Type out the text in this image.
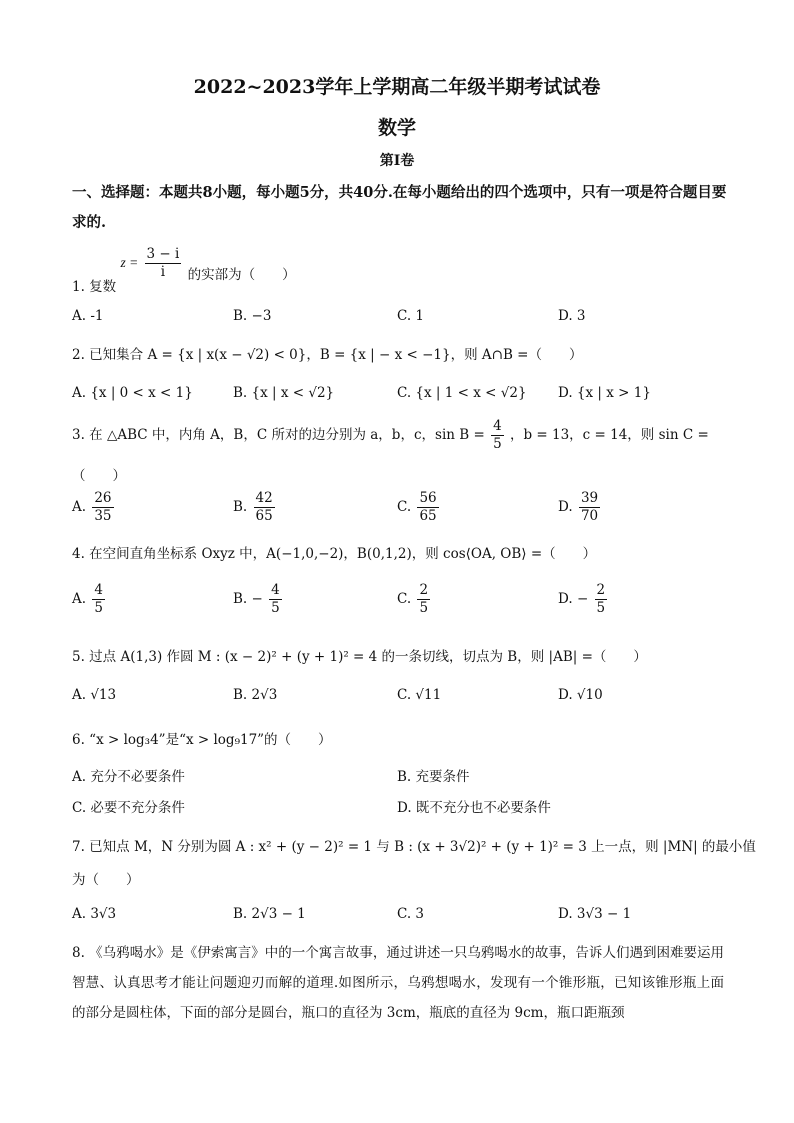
2022~2023学年上学期高二年级半期考试试卷
数学
第Ⅰ卷
一、选择题：本题共8小题，每小题5分，共40分.在每小题给出的四个选项中，只有一项是符合题目要求的.
1. 复数 $z = \frac{3 - i}{i}$ 的实部为（　　）
A. -1	B. −3	C. 1	D. 3
2. 已知集合 A = {x | x(x − √2) < 0}，B = {x | − x < −1}，则 A∩B =（　　）
A. {x | 0 < x < 1}	B. {x | x < √2}	C. {x | 1 < x < √2} D. {x | x > 1}
3. 在 △ABC 中，内角 A，B，C 所对的边分别为 a，b，c，$\sin B = \frac{4}{5}$ ，b = 13，c = 14，则 sin C =
（　　）
A. $\frac{26}{35}$	B. $\frac{42}{65}$	C. $\frac{56}{65}$	D. $\frac{39}{70}$
4. 在空间直角坐标系 Oxyz 中，A(−1,0,−2)，B(0,1,2)，则 cos⟨OA, OB⟩ =（　　）
A. $\frac{4}{5}$	B. − $\frac{4}{5}$	C. $\frac{2}{5}$	D. − $\frac{2}{5}$
5. 过点 A(1,3) 作圆 M : (x − 2)² + (y + 1)² = 4 的一条切线，切点为 B，则 |AB| =（　　）
A. √13	B. 2√3	C. √11	D. √10
6. “x > log₃4”是“x > log₉17”的（　　）
A. 充分不必要条件	B. 充要条件
C. 必要不充分条件	D. 既不充分也不必要条件
7. 已知点 M，N 分别为圆 A : x² + (y − 2)² = 1 与 B : (x + 3√2)² + (y + 1)² = 3 上一点，则 |MN| 的最小值
为（　　）
A. 3√3	B. 2√3 − 1	C. 3	D. 3√3 − 1
8. 《乌鸦喝水》是《伊索寓言》中的一个寓言故事，通过讲述一只乌鸦喝水的故事，告诉人们遇到困难要运用智慧、认真思考才能让问题迎刃而解的道理.如图所示，乌鸦想喝水，发现有一个锥形瓶，已知该锥形瓶上面的部分是圆柱体，下面的部分是圆台，瓶口的直径为 3cm，瓶底的直径为 9cm，瓶口距瓶颈
